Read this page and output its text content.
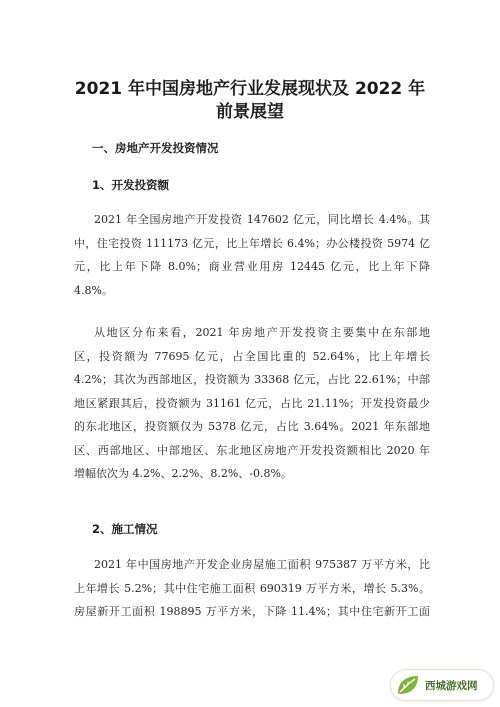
2021 年中国房地产行业发展现状及 2022 年
前景展望
一、房地产开发投资情况
1、开发投资额
2021 年全国房地产开发投资 147602 亿元，同比增长 4.4%。其
中，住宅投资 111173 亿元，比上年增长 6.4%；办公楼投资 5974 亿
元，比上年下降 8.0%；商业营业用房 12445 亿元，比上年下降
4.8%。
从地区分布来看，2021 年房地产开发投资主要集中在东部地
区，投资额为 77695 亿元，占全国比重的 52.64%，比上年增长
4.2%；其次为西部地区，投资额为 33368 亿元，占比 22.61%；中部
地区紧跟其后，投资额为 31161 亿元，占比 21.11%；开发投资最少
的东北地区，投资额仅为 5378 亿元，占比 3.64%。2021 年东部地
区、西部地区、中部地区、东北地区房地产开发投资额相比 2020 年
增幅依次为 4.2%、2.2%、8.2%、-0.8%。
2、施工情况
2021 年中国房地产开发企业房屋施工面积 975387 万平方米，比
上年增长 5.2%；其中住宅施工面积 690319 万平方米，增长 5.3%。
房屋新开工面积 198895 万平方米，下降 11.4%；其中住宅新开工面
西城游戏网
